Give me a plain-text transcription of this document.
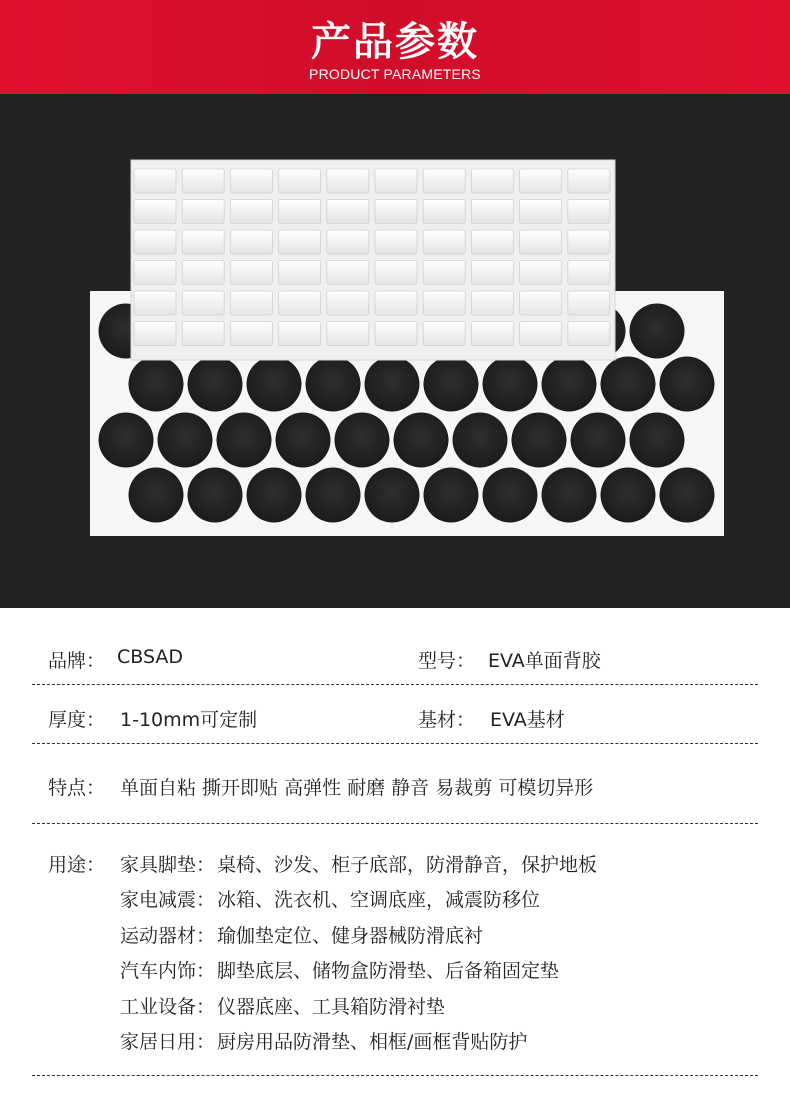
产品参数
PRODUCT PARAMETERS
品牌： CBSAD	型号： EVA单面背胶
厚度： 1-10mm可定制	基材： EVA基材
特点： 单面自粘 撕开即贴 高弹性 耐磨 静音 易裁剪 可模切异形
用途： 家具脚垫： 桌椅、沙发、柜子底部，防滑静音，保护地板
家电减震： 冰箱、洗衣机、空调底座，减震防移位
运动器材： 瑜伽垫定位、健身器械防滑底衬
汽车内饰： 脚垫底层、储物盒防滑垫、后备箱固定垫
工业设备： 仪器底座、工具箱防滑衬垫
家居日用： 厨房用品防滑垫、相框/画框背贴防护
